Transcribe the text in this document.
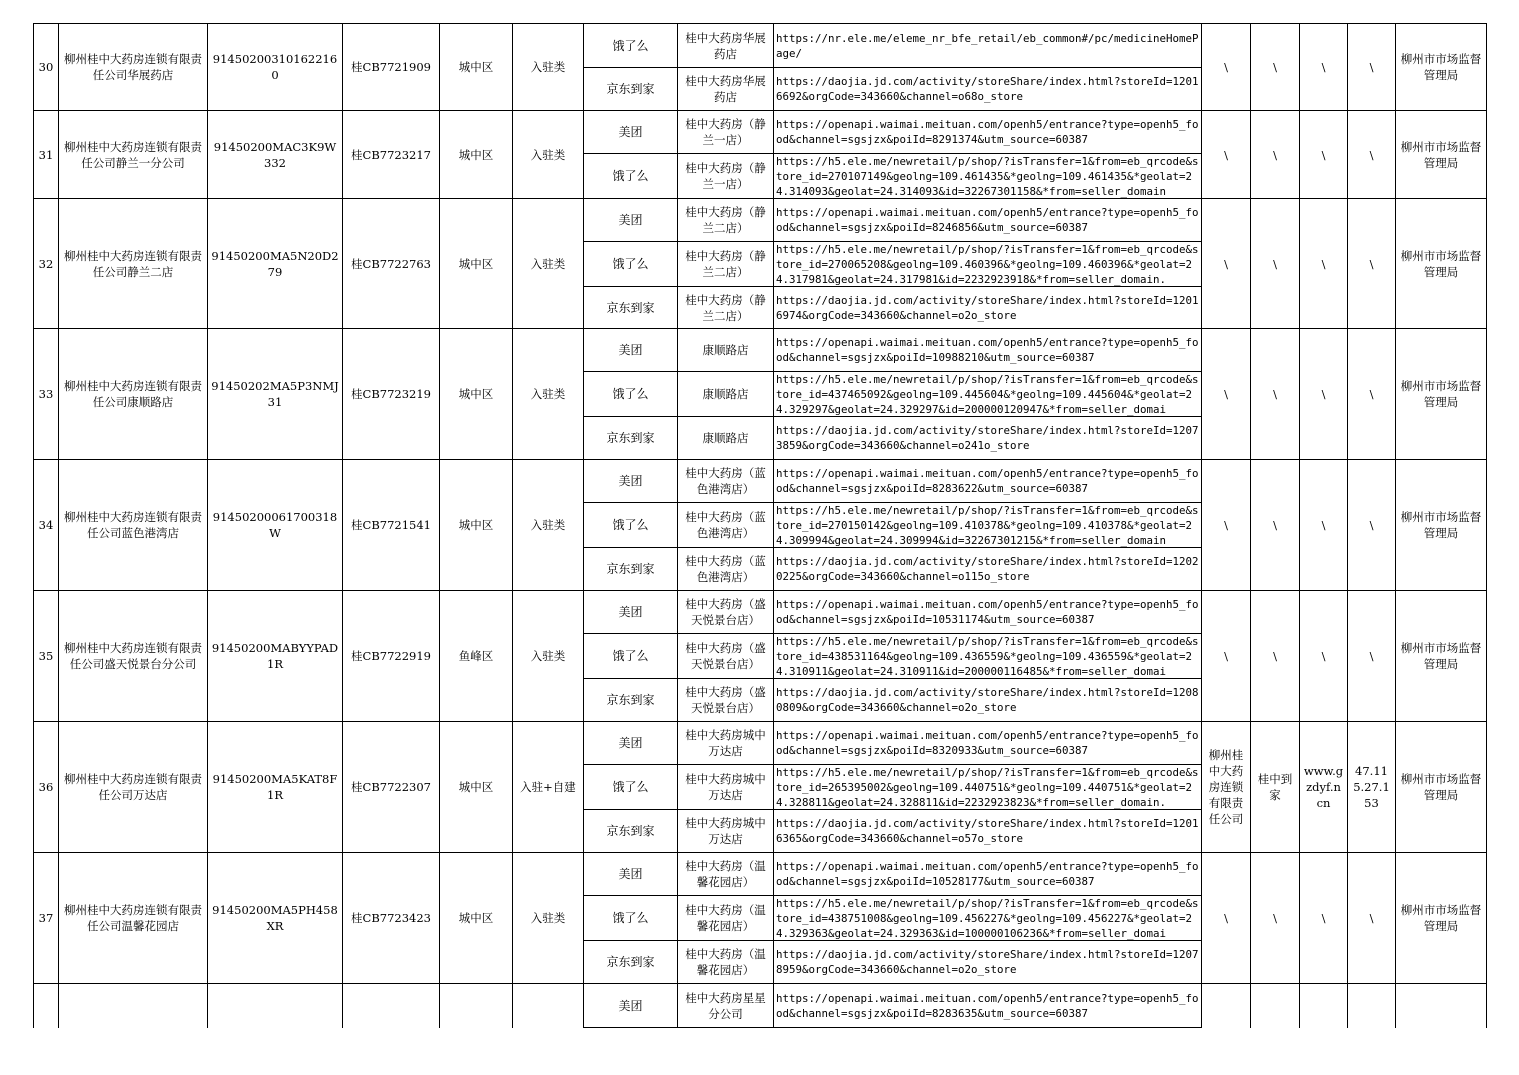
30	柳州桂中大药房连锁有限责任公司华展药店	914502003101622160	桂CB7721909	城中区	入驻类	饿了么	桂中大药房华展药店	https://nr.ele.me/eleme_nr_bfe_retail/eb_common#/pc/medicineHomePage/	\	\	\	\	柳州市市场监督管理局
						京东到家	桂中大药房华展药店	https://daojia.jd.com/activity/storeShare/index.html?storeId=12016692&orgCode=343660&channel=o68o_store					

31	柳州桂中大药房连锁有限责任公司静兰一分公司	91450200MAC3K9W332	桂CB7723217	城中区	入驻类	美团	桂中大药房（静兰一店）	https://openapi.waimai.meituan.com/openh5/entrance?type=openh5_food&channel=sgsjzx&poiId=8291374&utm_source=60387	\	\	\	\	柳州市市场监督管理局
						饿了么	桂中大药房（静兰一店）	https://h5.ele.me/newretail/p/shop/?isTransfer=1&from=eb_qrcode&store_id=270107149&geolng=109.461435&*geolng=109.461435&*geolat=24.314093&geolat=24.314093&id=32267301158&*from=seller_domain					

32	柳州桂中大药房连锁有限责任公司静兰二店	91450200MA5N20D279	桂CB7722763	城中区	入驻类	美团	桂中大药房（静兰二店）	https://openapi.waimai.meituan.com/openh5/entrance?type=openh5_food&channel=sgsjzx&poiId=8246856&utm_source=60387	\	\	\	\	柳州市市场监督管理局
						饿了么	桂中大药房（静兰二店）	https://h5.ele.me/newretail/p/shop/?isTransfer=1&from=eb_qrcode&store_id=270065208&geolng=109.460396&*geolng=109.460396&*geolat=24.317981&geolat=24.317981&id=2232923918&*from=seller_domain.					

						京东到家	桂中大药房（静兰二店）	https://daojia.jd.com/activity/storeShare/index.html?storeId=12016974&orgCode=343660&channel=o2o_store					

33	柳州桂中大药房连锁有限责任公司康顺路店	91450202MA5P3NMJ31	桂CB7723219	城中区	入驻类	美团	康顺路店	https://openapi.waimai.meituan.com/openh5/entrance?type=openh5_food&channel=sgsjzx&poiId=10988210&utm_source=60387	\	\	\	\	柳州市市场监督管理局
						饿了么	康顺路店	https://h5.ele.me/newretail/p/shop/?isTransfer=1&from=eb_qrcode&store_id=437465092&geolng=109.445604&*geolng=109.445604&*geolat=24.329297&geolat=24.329297&id=200000120947&*from=seller_domai					

						京东到家	康顺路店	https://daojia.jd.com/activity/storeShare/index.html?storeId=12073859&orgCode=343660&channel=o241o_store					

34	柳州桂中大药房连锁有限责任公司蓝色港湾店	91450200061700318W	桂CB7721541	城中区	入驻类	美团	桂中大药房（蓝色港湾店）	https://openapi.waimai.meituan.com/openh5/entrance?type=openh5_food&channel=sgsjzx&poiId=8283622&utm_source=60387	\	\	\	\	柳州市市场监督管理局
						饿了么	桂中大药房（蓝色港湾店）	https://h5.ele.me/newretail/p/shop/?isTransfer=1&from=eb_qrcode&store_id=270150142&geolng=109.410378&*geolng=109.410378&*geolat=24.309994&geolat=24.309994&id=32267301215&*from=seller_domain					

						京东到家	桂中大药房（蓝色港湾店）	https://daojia.jd.com/activity/storeShare/index.html?storeId=12020225&orgCode=343660&channel=o115o_store					

35	柳州桂中大药房连锁有限责任公司盛天悦景台分公司	91450200MABYYPAD1R	桂CB7722919	鱼峰区	入驻类	美团	桂中大药房（盛天悦景台店）	https://openapi.waimai.meituan.com/openh5/entrance?type=openh5_food&channel=sgsjzx&poiId=10531174&utm_source=60387	\	\	\	\	柳州市市场监督管理局
						饿了么	桂中大药房（盛天悦景台店）	https://h5.ele.me/newretail/p/shop/?isTransfer=1&from=eb_qrcode&store_id=438531164&geolng=109.436559&*geolng=109.436559&*geolat=24.310911&geolat=24.310911&id=200000116485&*from=seller_domai					

						京东到家	桂中大药房（盛天悦景台店）	https://daojia.jd.com/activity/storeShare/index.html?storeId=12080809&orgCode=343660&channel=o2o_store					

36	柳州桂中大药房连锁有限责任公司万达店	91450200MA5KAT8F1R	桂CB7722307	城中区	入驻+自建	美团	桂中大药房城中万达店	https://openapi.waimai.meituan.com/openh5/entrance?type=openh5_food&channel=sgsjzx&poiId=8320933&utm_source=60387	柳州桂中大药房连锁有限责任公司	桂中到家	www.gzdyf.ncn	47.115.27.153	柳州市市场监督管理局
						饿了么	桂中大药房城中万达店	https://h5.ele.me/newretail/p/shop/?isTransfer=1&from=eb_qrcode&store_id=265395002&geolng=109.440751&*geolng=109.440751&*geolat=24.328811&geolat=24.328811&id=2232923823&*from=seller_domain.					

						京东到家	桂中大药房城中万达店	https://daojia.jd.com/activity/storeShare/index.html?storeId=12016365&orgCode=343660&channel=o57o_store					

37	柳州桂中大药房连锁有限责任公司温馨花园店	91450200MA5PH458XR	桂CB7723423	城中区	入驻类	美团	桂中大药房（温馨花园店）	https://openapi.waimai.meituan.com/openh5/entrance?type=openh5_food&channel=sgsjzx&poiId=10528177&utm_source=60387	\	\	\	\	柳州市市场监督管理局
						饿了么	桂中大药房（温馨花园店）	https://h5.ele.me/newretail/p/shop/?isTransfer=1&from=eb_qrcode&store_id=438751008&geolng=109.456227&*geolng=109.456227&*geolat=24.329363&geolat=24.329363&id=100000106236&*from=seller_domai					

						京东到家	桂中大药房（温馨花园店）	https://daojia.jd.com/activity/storeShare/index.html?storeId=12078959&orgCode=343660&channel=o2o_store					

						美团	桂中大药房星星分公司	https://openapi.waimai.meituan.com/openh5/entrance?type=openh5_food&channel=sgsjzx&poiId=8283635&utm_source=60387					
